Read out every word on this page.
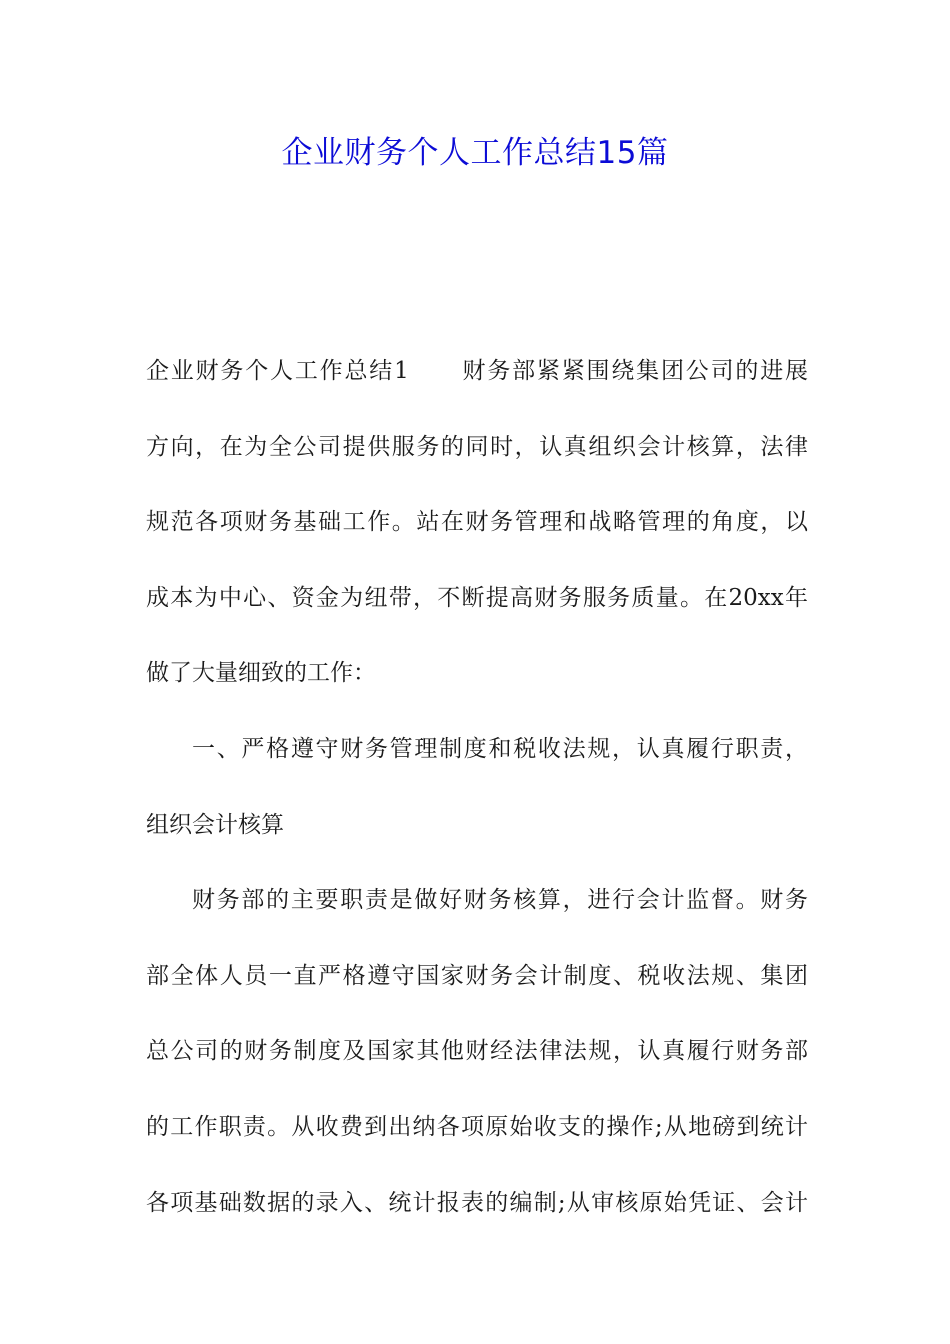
企业财务个人工作总结15篇
企业财务个人工作总结1 财务部紧紧围绕集团公司的进展
方向，在为全公司提供服务的同时，认真组织会计核算，法律
规范各项财务基础工作。站在财务管理和战略管理的角度，以
成本为中心、资金为纽带，不断提高财务服务质量。在20xx年
做了大量细致的工作：
一、严格遵守财务管理制度和税收法规，认真履行职责，
组织会计核算
财务部的主要职责是做好财务核算，进行会计监督。财务
部全体人员一直严格遵守国家财务会计制度、税收法规、集团
总公司的财务制度及国家其他财经法律法规，认真履行财务部
的工作职责。从收费到出纳各项原始收支的操作;从地磅到统计
各项基础数据的录入、统计报表的编制;从审核原始凭证、会计
